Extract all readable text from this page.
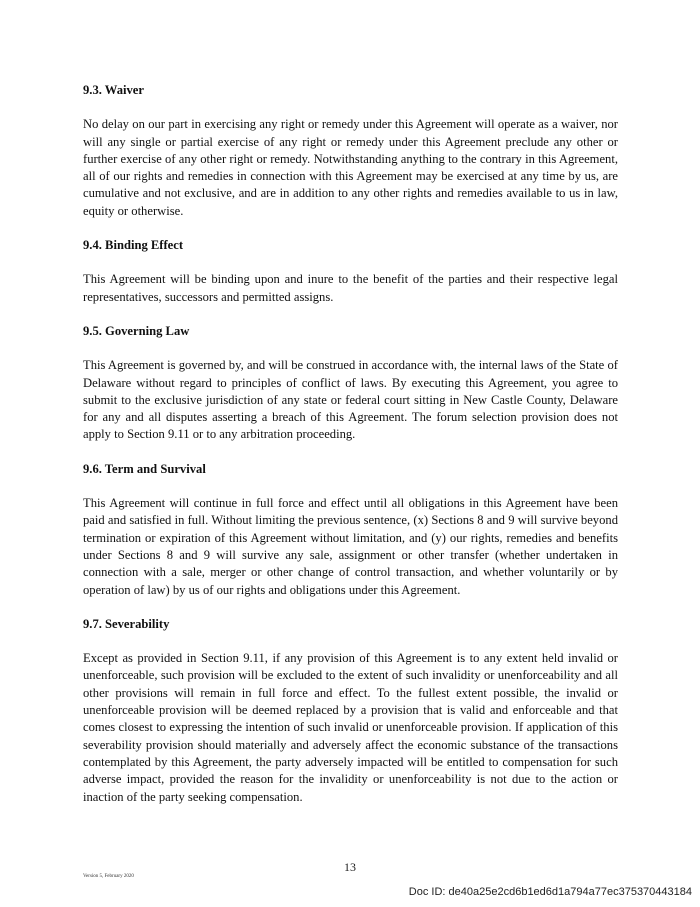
9.3. Waiver
No delay on our part in exercising any right or remedy under this Agreement will operate as a waiver, nor will any single or partial exercise of any right or remedy under this Agreement preclude any other or further exercise of any other right or remedy. Notwithstanding anything to the contrary in this Agreement, all of our rights and remedies in connection with this Agreement may be exercised at any time by us, are cumulative and not exclusive, and are in addition to any other rights and remedies available to us in law, equity or otherwise.
9.4. Binding Effect
This Agreement will be binding upon and inure to the benefit of the parties and their respective legal representatives, successors and permitted assigns.
9.5. Governing Law
This Agreement is governed by, and will be construed in accordance with, the internal laws of the State of Delaware without regard to principles of conflict of laws. By executing this Agreement, you agree to submit to the exclusive jurisdiction of any state or federal court sitting in New Castle County, Delaware for any and all disputes asserting a breach of this Agreement. The forum selection provision does not apply to Section 9.11 or to any arbitration proceeding.
9.6. Term and Survival
This Agreement will continue in full force and effect until all obligations in this Agreement have been paid and satisfied in full. Without limiting the previous sentence, (x) Sections 8 and 9 will survive beyond termination or expiration of this Agreement without limitation, and (y) our rights, remedies and benefits under Sections 8 and 9 will survive any sale, assignment or other transfer (whether undertaken in connection with a sale, merger or other change of control transaction, and whether voluntarily or by operation of law) by us of our rights and obligations under this Agreement.
9.7. Severability
Except as provided in Section 9.11, if any provision of this Agreement is to any extent held invalid or unenforceable, such provision will be excluded to the extent of such invalidity or unenforceability and all other provisions will remain in full force and effect. To the fullest extent possible, the invalid or unenforceable provision will be deemed replaced by a provision that is valid and enforceable and that comes closest to expressing the intention of such invalid or unenforceable provision. If application of this severability provision should materially and adversely affect the economic substance of the transactions contemplated by this Agreement, the party adversely impacted will be entitled to compensation for such adverse impact, provided the reason for the invalidity or unenforceability is not due to the action or inaction of the party seeking compensation.
13
Version 5, February 2020
Doc ID: de40a25e2cd6b1ed6d1a794a77ec375370443184
